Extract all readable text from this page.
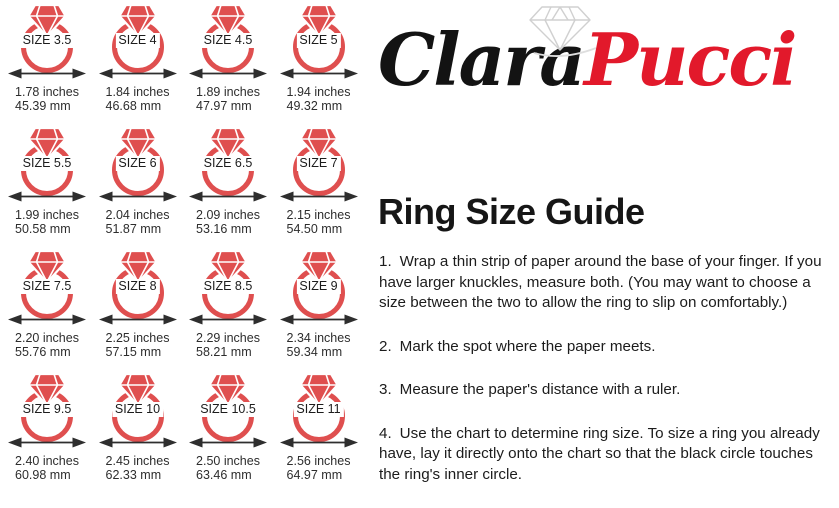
SIZE 3.5
1.78 inches
45.39 mm
SIZE 4
1.84 inches
46.68 mm
SIZE 4.5
1.89 inches
47.97 mm
SIZE 5
1.94 inches
49.32 mm
SIZE 5.5
1.99 inches
50.58 mm
SIZE 6
2.04 inches
51.87 mm
SIZE 6.5
2.09 inches
53.16 mm
SIZE 7
2.15 inches
54.50 mm
SIZE 7.5
2.20 inches
55.76 mm
SIZE 8
2.25 inches
57.15 mm
SIZE 8.5
2.29 inches
58.21 mm
SIZE 9
2.34 inches
59.34 mm
SIZE 9.5
2.40 inches
60.98 mm
SIZE 10
2.45 inches
62.33 mm
SIZE 10.5
2.50 inches
63.46 mm
SIZE 11
2.56 inches
64.97 mm
Clara Pucci
Ring Size Guide

1. Wrap a thin strip of paper around the base of your finger. If you have larger knuckles, measure both. (You may want to choose a size between the two to allow the ring to slip on comfortably.)

2. Mark the spot where the paper meets.

3. Measure the paper's distance with a ruler.

4. Use the chart to determine ring size. To size a ring you already have, lay it directly onto the chart so that the black circle touches the ring's inner circle.
